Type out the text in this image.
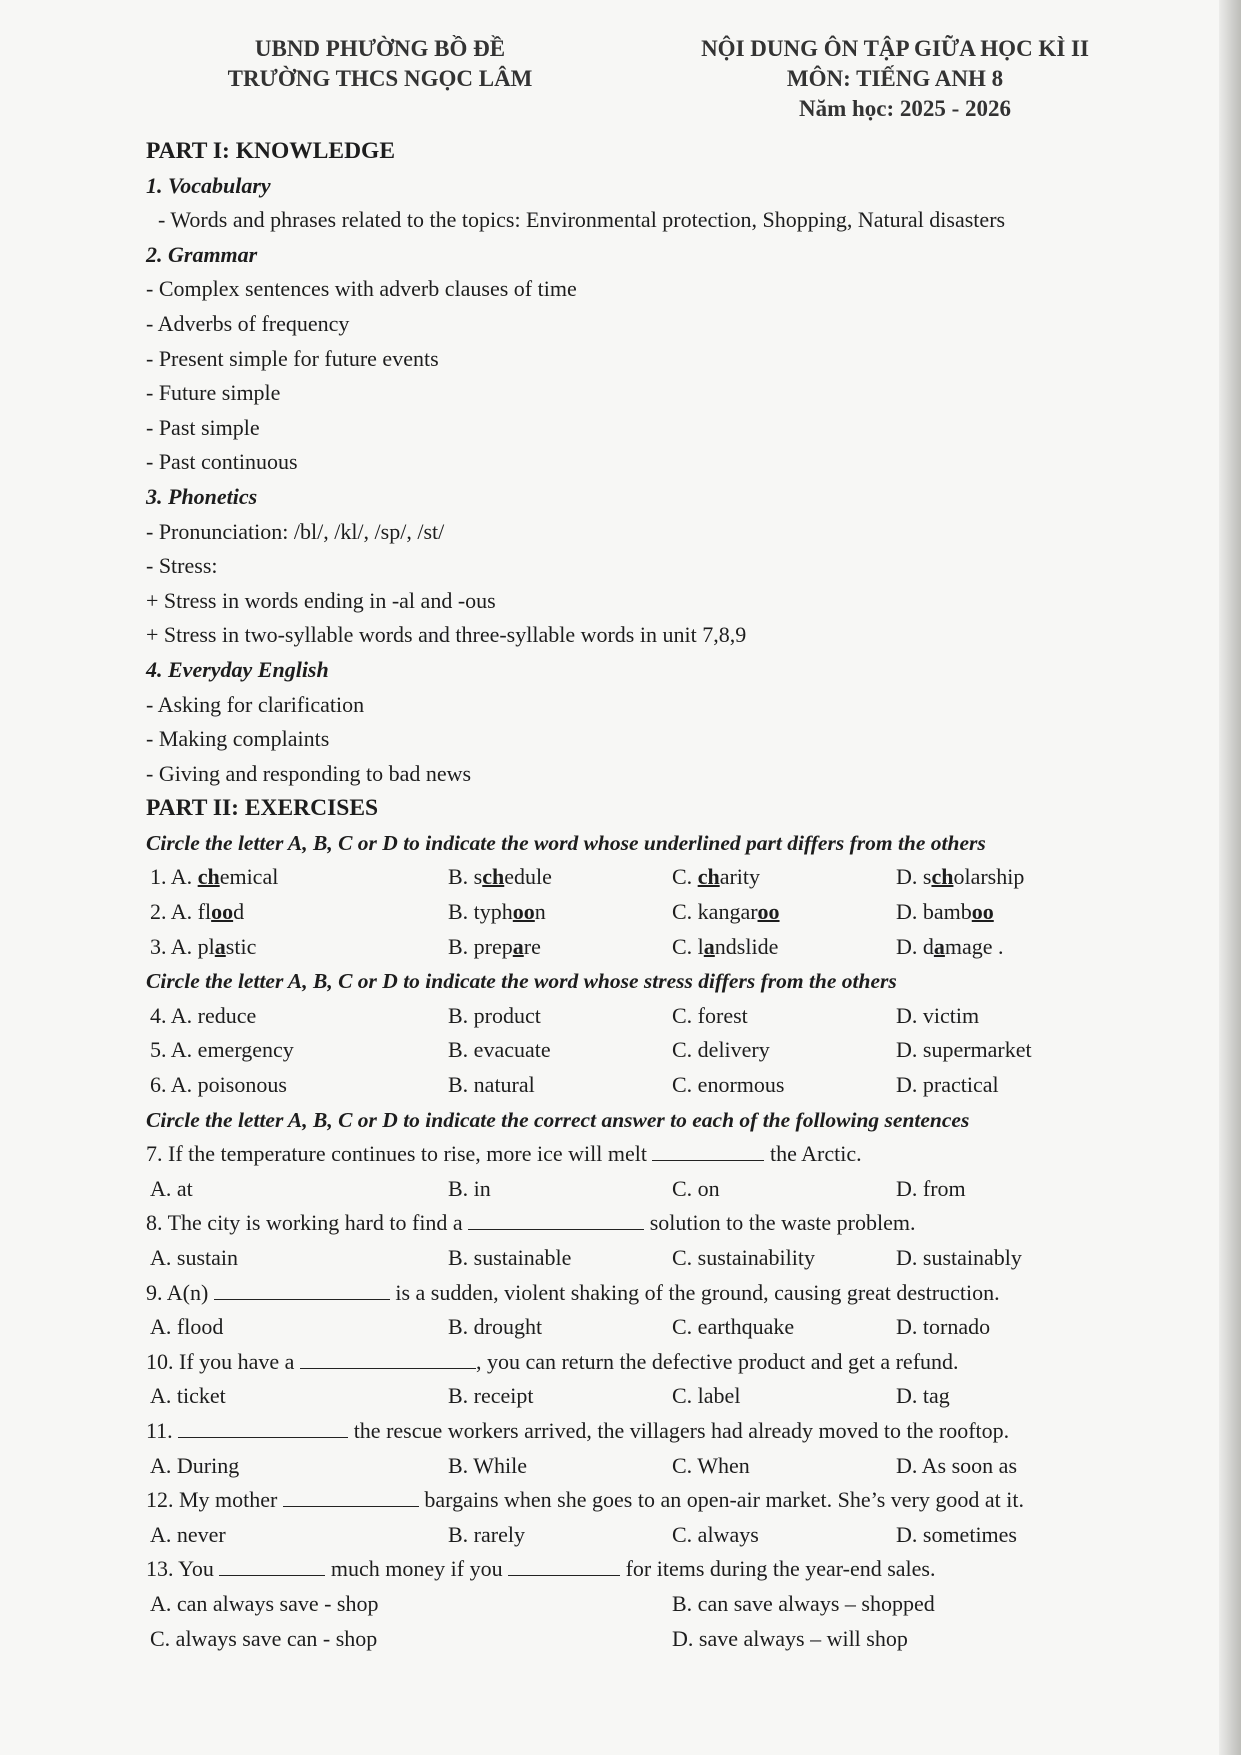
UBND PHƯỜNG BỒ ĐỀ
TRƯỜNG THCS NGỌC LÂM
NỘI DUNG ÔN TẬP GIỮA HỌC KÌ II
MÔN: TIẾNG ANH 8
Năm học: 2025 - 2026
PART I: KNOWLEDGE
1. Vocabulary
- Words and phrases related to the topics: Environmental protection, Shopping, Natural disasters
2. Grammar
- Complex sentences with adverb clauses of time
- Adverbs of frequency
- Present simple for future events
- Future simple
- Past simple
- Past continuous
3. Phonetics
- Pronunciation: /bl/, /kl/, /sp/, /st/
- Stress:
+ Stress in words ending in -al and -ous
+ Stress in two-syllable words and three-syllable words in unit 7,8,9
4. Everyday English
- Asking for clarification
- Making complaints
- Giving and responding to bad news
PART II: EXERCISES
Circle the letter A, B, C or D to indicate the word whose underlined part differs from the others
1. A. chemical	B. schedule	C. charity	D. scholarship
2. A. flood	B. typhoon	C. kangaroo	D. bamboo
3. A. plastic	B. prepare	C. landslide	D. damage .
Circle the letter A, B, C or D to indicate the word whose stress differs from the others
4. A. reduce	B. product	C. forest	D. victim
5. A. emergency	B. evacuate	C. delivery	D. supermarket
6. A. poisonous	B. natural	C. enormous	D. practical
Circle the letter A, B, C or D to indicate the correct answer to each of the following sentences
7. If the temperature continues to rise, more ice will melt	the Arctic.
A. at	B. in	C. on	D. from
8. The city is working hard to find a	solution to the waste problem.
A. sustain	B. sustainable	C. sustainability	D. sustainably
9. A(n)	is a sudden, violent shaking of the ground, causing great destruction.
A. flood	B. drought	C. earthquake	D. tornado
10. If you have a	, you can return the defective product and get a refund.
A. ticket	B. receipt	C. label	D. tag
11.	the rescue workers arrived, the villagers had already moved to the rooftop.
A. During	B. While	C. When	D. As soon as
12. My mother	bargains when she goes to an open-air market. She’s very good at it.
A. never	B. rarely	C. always	D. sometimes
13. You	much money if you	for items during the year-end sales.
A. can always save - shop	B. can save always – shopped
C. always save can - shop	D. save always – will shop
